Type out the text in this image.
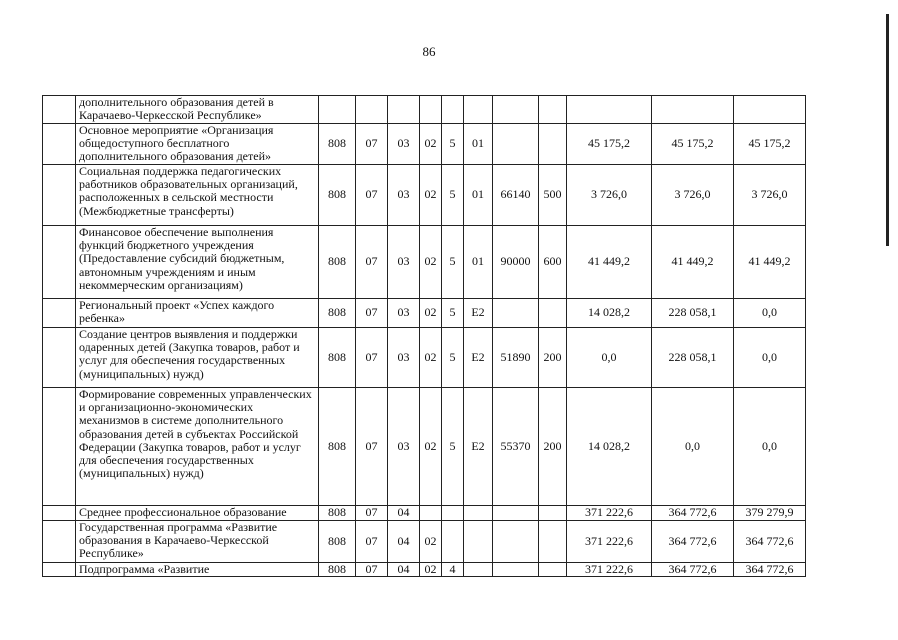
86
	дополнительного образования детей в Карачаево-Черкесской Республике»											
	Основное мероприятие «Организация общедоступного бесплатного дополнительного образования детей»	808	07	03	02	5	01			45 175,2	45 175,2	45 175,2
	Социальная поддержка педагогических работников образовательных организаций, расположенных в сельской местности (Межбюджетные трансферты)	808	07	03	02	5	01	66140	500	3 726,0	3 726,0	3 726,0
	Финансовое обеспечение выполнения функций бюджетного учреждения (Предоставление субсидий бюджетным, автономным учреждениям и иным некоммерческим организациям)	808	07	03	02	5	01	90000	600	41 449,2	41 449,2	41 449,2
	Региональный проект «Успех каждого ребенка»	808	07	03	02	5	E2			14 028,2	228 058,1	0,0
	Создание центров выявления и поддержки одаренных детей (Закупка товаров, работ и услуг для обеспечения государственных (муниципальных) нужд)	808	07	03	02	5	E2	51890	200	0,0	228 058,1	0,0
	Формирование современных управленческих и организационно-экономических механизмов в системе дополнительного образования детей в субъектах Российской Федерации (Закупка товаров, работ и услуг для обеспечения государственных (муниципальных) нужд)	808	07	03	02	5	E2	55370	200	14 028,2	0,0	0,0
	Среднее профессиональное образование	808	07	04						371 222,6	364 772,6	379 279,9
	Государственная программа «Развитие образования в Карачаево-Черкесской Республике»	808	07	04	02					371 222,6	364 772,6	364 772,6
	Подпрограмма «Развитие	808	07	04	02	4				371 222,6	364 772,6	364 772,6
